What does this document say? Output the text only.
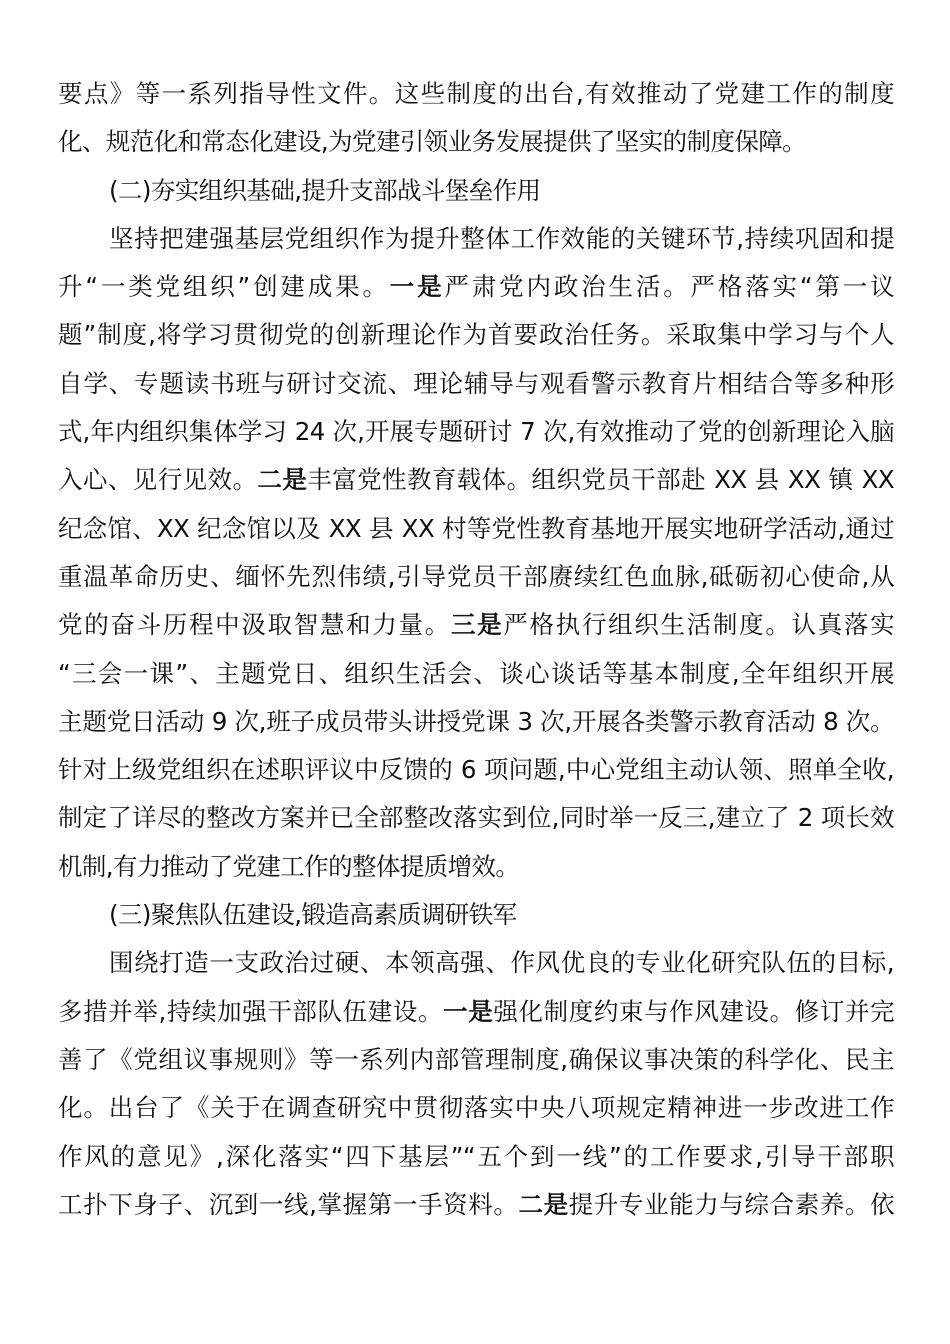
要点》等一系列指导性文件。这些制度的出台,有效推动了党建工作的制度
化、规范化和常态化建设,为党建引领业务发展提供了坚实的制度保障。
(二)夯实组织基础,提升支部战斗堡垒作用
坚持把建强基层党组织作为提升整体工作效能的关键环节,持续巩固和提
升“一类党组织”创建成果。一是严肃党内政治生活。严格落实“第一议
题”制度,将学习贯彻党的创新理论作为首要政治任务。采取集中学习与个人
自学、专题读书班与研讨交流、理论辅导与观看警示教育片相结合等多种形
式,年内组织集体学习 24 次,开展专题研讨 7 次,有效推动了党的创新理论入脑
入心、见行见效。二是丰富党性教育载体。组织党员干部赴 XX 县 XX 镇 XX
纪念馆、XX 纪念馆以及 XX 县 XX 村等党性教育基地开展实地研学活动,通过
重温革命历史、缅怀先烈伟绩,引导党员干部赓续红色血脉,砥砺初心使命,从
党的奋斗历程中汲取智慧和力量。三是严格执行组织生活制度。认真落实
“三会一课”、主题党日、组织生活会、谈心谈话等基本制度,全年组织开展
主题党日活动 9 次,班子成员带头讲授党课 3 次,开展各类警示教育活动 8 次。
针对上级党组织在述职评议中反馈的 6 项问题,中心党组主动认领、照单全收,
制定了详尽的整改方案并已全部整改落实到位,同时举一反三,建立了 2 项长效
机制,有力推动了党建工作的整体提质增效。
(三)聚焦队伍建设,锻造高素质调研铁军
围绕打造一支政治过硬、本领高强、作风优良的专业化研究队伍的目标,
多措并举,持续加强干部队伍建设。一是强化制度约束与作风建设。修订并完
善了《党组议事规则》等一系列内部管理制度,确保议事决策的科学化、民主
化。出台了《关于在调查研究中贯彻落实中央八项规定精神进一步改进工作
作风的意见》,深化落实“四下基层”“五个到一线”的工作要求,引导干部职
工扑下身子、沉到一线,掌握第一手资料。二是提升专业能力与综合素养。依
